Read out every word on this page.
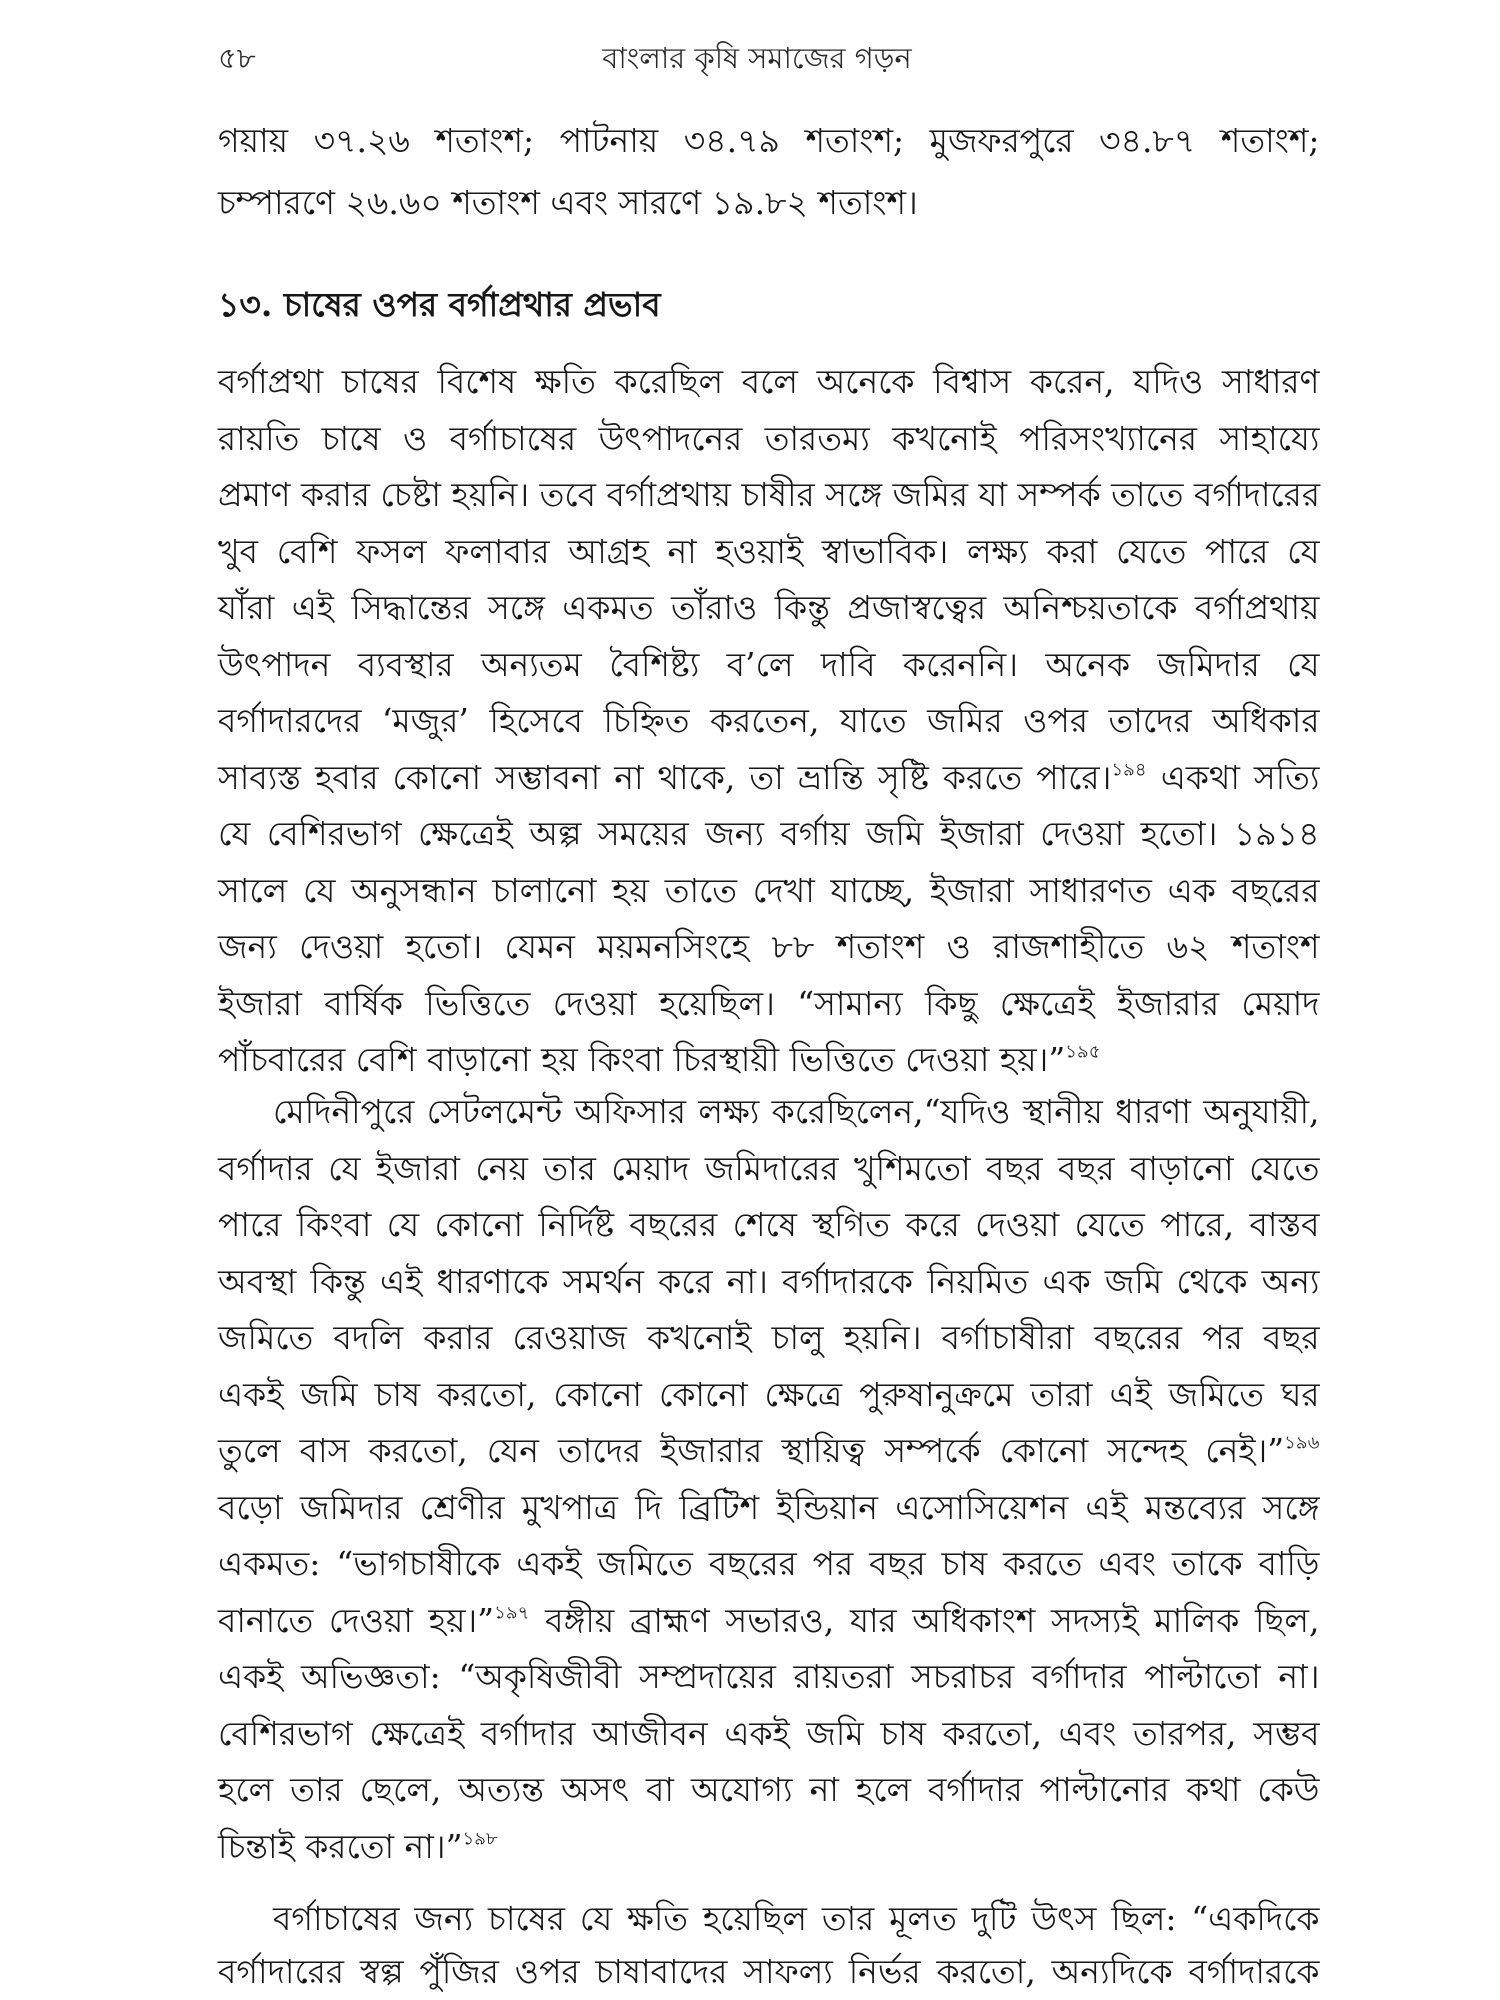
৫৮	বাংলার কৃষি সমাজের গড়ন
গয়ায় ৩৭.২৬ শতাংশ; পাটনায় ৩৪.৭৯ শতাংশ; মুজফরপুরে ৩৪.৮৭ শতাংশ;
চম্পারণে ২৬.৬০ শতাংশ এবং সারণে ১৯.৮২ শতাংশ।
১৩. চাষের ওপর বর্গাপ্রথার প্রভাব
বর্গাপ্রথা চাষের বিশেষ ক্ষতি করেছিল বলে অনেকে বিশ্বাস করেন, যদিও সাধারণ
রায়তি চাষে ও বর্গাচাষের উৎপাদনের তারতম্য কখনোই পরিসংখ্যানের সাহায্যে
প্রমাণ করার চেষ্টা হয়নি। তবে বর্গাপ্রথায় চাষীর সঙ্গে জমির যা সম্পর্ক তাতে বর্গাদারের
খুব বেশি ফসল ফলাবার আগ্রহ না হওয়াই স্বাভাবিক। লক্ষ্য করা যেতে পারে যে
যাঁরা এই সিদ্ধান্তের সঙ্গে একমত তাঁরাও কিন্তু প্রজাস্বত্বের অনিশ্চয়তাকে বর্গাপ্রথায়
উৎপাদন ব্যবস্থার অন্যতম বৈশিষ্ট্য ব’লে দাবি করেননি। অনেক জমিদার যে
বর্গাদারদের ‘মজুর’ হিসেবে চিহ্নিত করতেন, যাতে জমির ওপর তাদের অধিকার
সাব্যস্ত হবার কোনো সম্ভাবনা না থাকে, তা ভ্রান্তি সৃষ্টি করতে পারে।$^{১৯৪}$ একথা সত্যি
যে বেশিরভাগ ক্ষেত্রেই অল্প সময়ের জন্য বর্গায় জমি ইজারা দেওয়া হতো। ১৯১৪
সালে যে অনুসন্ধান চালানো হয় তাতে দেখা যাচ্ছে, ইজারা সাধারণত এক বছরের
জন্য দেওয়া হতো। যেমন ময়মনসিংহে ৮৮ শতাংশ ও রাজশাহীতে ৬২ শতাংশ
ইজারা বার্ষিক ভিত্তিতে দেওয়া হয়েছিল। “সামান্য কিছু ক্ষেত্রেই ইজারার মেয়াদ
পাঁচবারের বেশি বাড়ানো হয় কিংবা চিরস্থায়ী ভিত্তিতে দেওয়া হয়।”$^{১৯৫}$
মেদিনীপুরে সেটলমেন্ট অফিসার লক্ষ্য করেছিলেন,“যদিও স্থানীয় ধারণা অনুযায়ী,
বর্গাদার যে ইজারা নেয় তার মেয়াদ জমিদারের খুশিমতো বছর বছর বাড়ানো যেতে
পারে কিংবা যে কোনো নির্দিষ্ট বছরের শেষে স্থগিত করে দেওয়া যেতে পারে, বাস্তব
অবস্থা কিন্তু এই ধারণাকে সমর্থন করে না। বর্গাদারকে নিয়মিত এক জমি থেকে অন্য
জমিতে বদলি করার রেওয়াজ কখনোই চালু হয়নি। বর্গাচাষীরা বছরের পর বছর
একই জমি চাষ করতো, কোনো কোনো ক্ষেত্রে পুরুষানুক্রমে তারা এই জমিতে ঘর
তুলে বাস করতো, যেন তাদের ইজারার স্থায়িত্ব সম্পর্কে কোনো সন্দেহ নেই।”$^{১৯৬}$
বড়ো জমিদার শ্রেণীর মুখপাত্র দি ব্রিটিশ ইন্ডিয়ান এসোসিয়েশন এই মন্তব্যের সঙ্গে
একমত: “ভাগচাষীকে একই জমিতে বছরের পর বছর চাষ করতে এবং তাকে বাড়ি
বানাতে দেওয়া হয়।”$^{১৯৭}$ বঙ্গীয় ব্রাহ্মণ সভারও, যার অধিকাংশ সদস্যই মালিক ছিল,
একই অভিজ্ঞতা: “অকৃষিজীবী সম্প্রদায়ের রায়তরা সচরাচর বর্গাদার পাল্টাতো না।
বেশিরভাগ ক্ষেত্রেই বর্গাদার আজীবন একই জমি চাষ করতো, এবং তারপর, সম্ভব
হলে তার ছেলে, অত্যন্ত অসৎ বা অযোগ্য না হলে বর্গাদার পাল্টানোর কথা কেউ
চিন্তাই করতো না।”$^{১৯৮}$
বর্গাচাষের জন্য চাষের যে ক্ষতি হয়েছিল তার মূলত দুটি উৎস ছিল: “একদিকে
বর্গাদারের স্বল্প পুঁজির ওপর চাষাবাদের সাফল্য নির্ভর করতো, অন্যদিকে বর্গাদারকে
